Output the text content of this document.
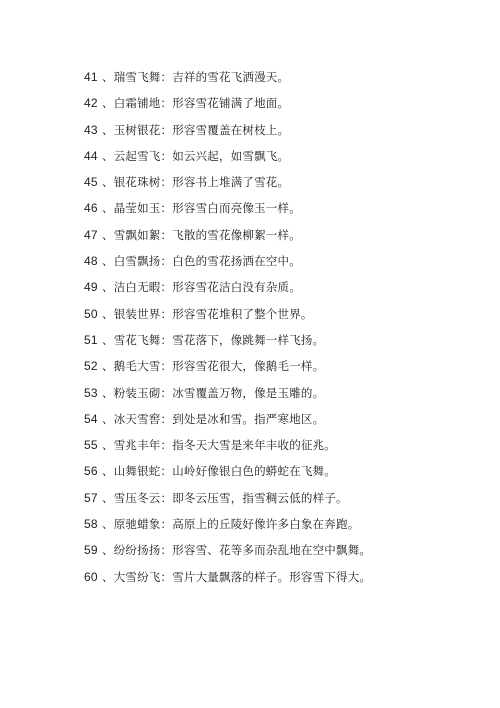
41 、瑞雪飞舞：吉祥的雪花飞洒漫天。
42 、白霜铺地：形容雪花铺满了地面。
43 、玉树银花：形容雪覆盖在树枝上。
44 、云起雪飞：如云兴起，如雪飘飞。
45 、银花珠树：形容书上堆满了雪花。
46 、晶莹如玉：形容雪白而亮像玉一样。
47 、雪飘如絮：飞散的雪花像柳絮一样。
48 、白雪飘扬：白色的雪花扬洒在空中。
49 、洁白无暇：形容雪花洁白没有杂质。
50 、银装世界：形容雪花堆积了整个世界。
51 、雪花飞舞：雪花落下，像跳舞一样飞扬。
52 、鹅毛大雪：形容雪花很大，像鹅毛一样。
53 、粉装玉砌：冰雪覆盖万物，像是玉雕的。
54 、冰天雪窖：到处是冰和雪。指严寒地区。
55 、雪兆丰年：指冬天大雪是来年丰收的征兆。
56 、山舞银蛇：山岭好像银白色的蟒蛇在飞舞。
57 、雪压冬云：即冬云压雪，指雪稠云低的样子。
58 、原驰蜡象：高原上的丘陵好像许多白象在奔跑。
59 、纷纷扬扬：形容雪、花等多而杂乱地在空中飘舞。
60 、大雪纷飞：雪片大量飘落的样子。形容雪下得大。
